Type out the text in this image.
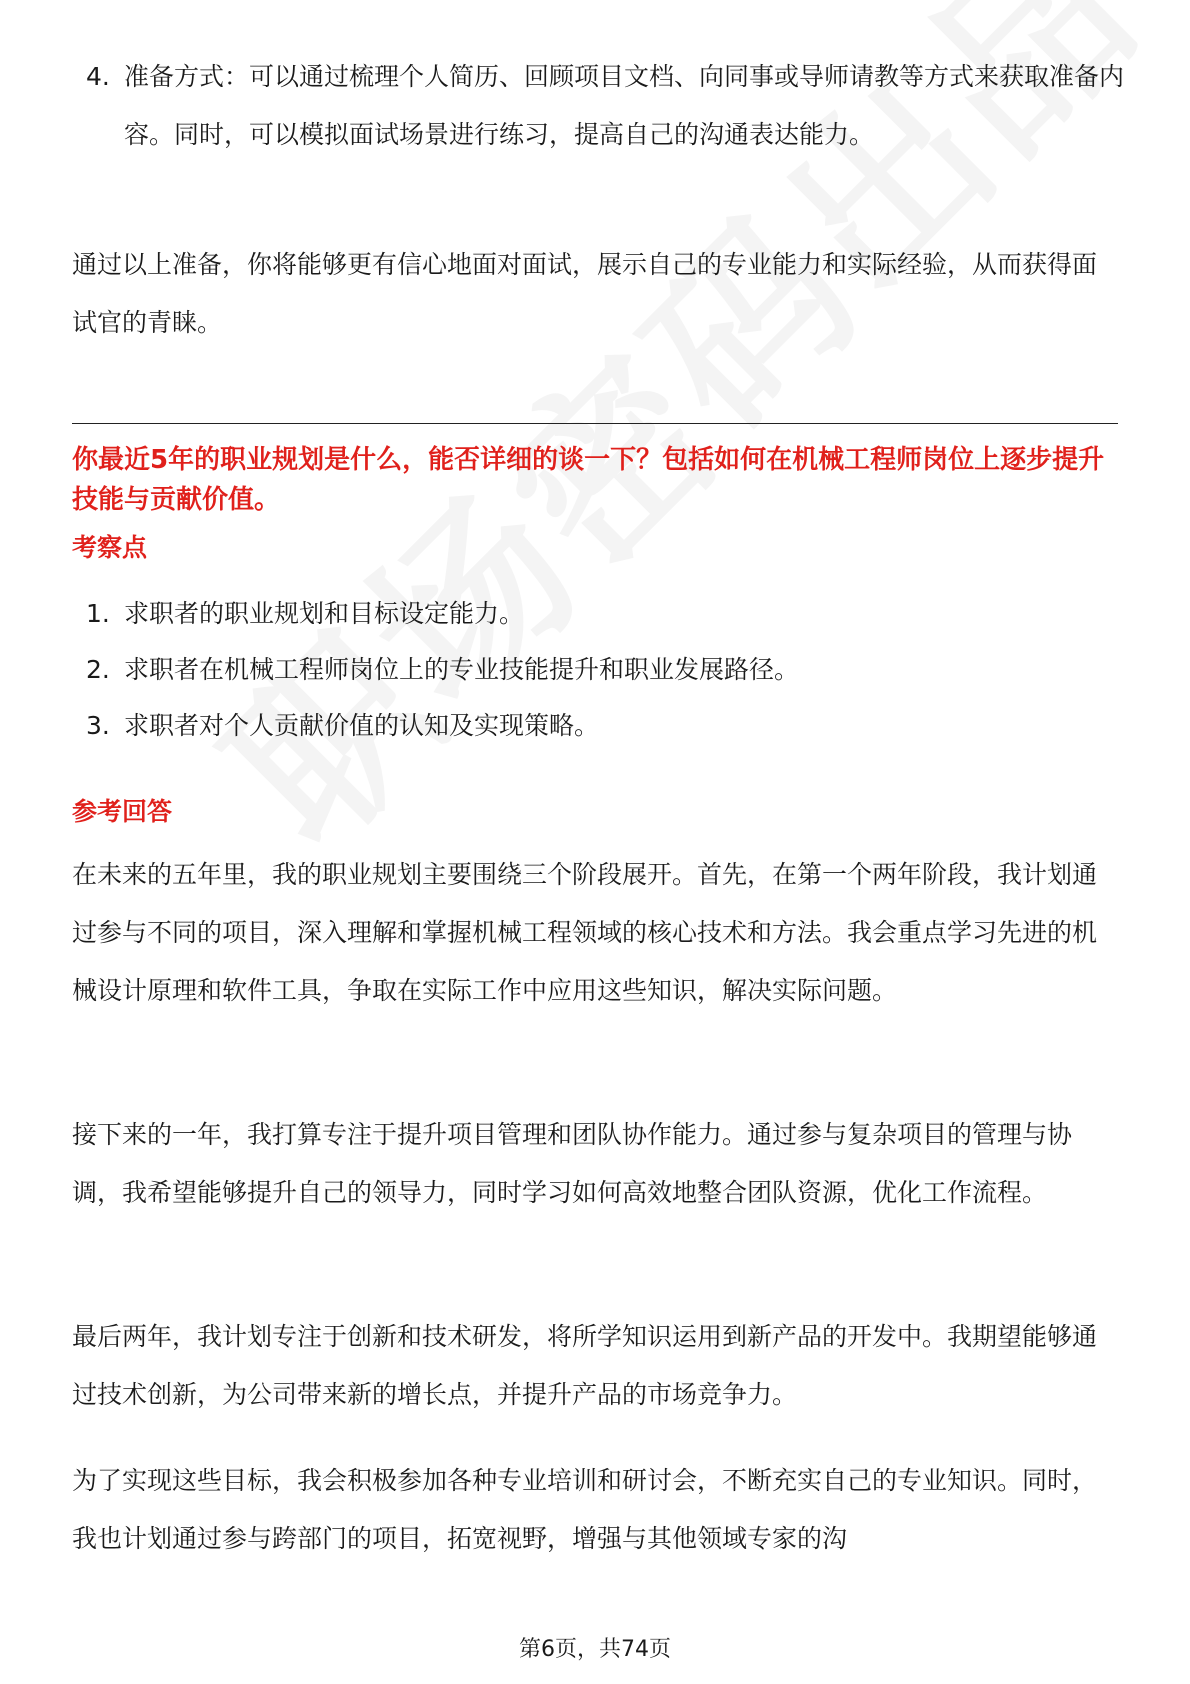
4. 准备方式：可以通过梳理个人简历、回顾项目文档、向同事或导师请教等方式来获取准备内容。同时，可以模拟面试场景进行练习，提高自己的沟通表达能力。
通过以上准备，你将能够更有信心地面对面试，展示自己的专业能力和实际经验，从而获得面试官的青睐。
你最近5年的职业规划是什么，能否详细的谈一下？包括如何在机械工程师岗位上逐步提升技能与贡献价值。
考察点
1. 求职者的职业规划和目标设定能力。
2. 求职者在机械工程师岗位上的专业技能提升和职业发展路径。
3. 求职者对个人贡献价值的认知及实现策略。
参考回答
在未来的五年里，我的职业规划主要围绕三个阶段展开。首先，在第一个两年阶段，我计划通过参与不同的项目，深入理解和掌握机械工程领域的核心技术和方法。我会重点学习先进的机械设计原理和软件工具，争取在实际工作中应用这些知识，解决实际问题。
接下来的一年，我打算专注于提升项目管理和团队协作能力。通过参与复杂项目的管理与协调，我希望能够提升自己的领导力，同时学习如何高效地整合团队资源，优化工作流程。
最后两年，我计划专注于创新和技术研发，将所学知识运用到新产品的开发中。我期望能够通过技术创新，为公司带来新的增长点，并提升产品的市场竞争力。
为了实现这些目标，我会积极参加各种专业培训和研讨会，不断充实自己的专业知识。同时，我也计划通过参与跨部门的项目，拓宽视野，增强与其他领域专家的沟
第6页，共74页
